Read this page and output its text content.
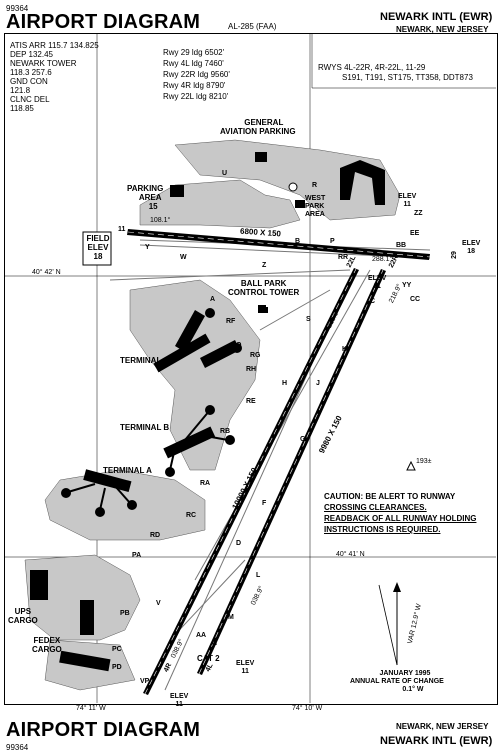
99364
AIRPORT DIAGRAM	AL-285 (FAA)
NEWARK INTL (EWR)
NEWARK, NEW JERSEY
ATIS ARR 115.7 134.825
DEP 132.45
NEWARK TOWER
118.3 257.6
GND CON
121.8
CLNC DEL
118.85
Rwy 29 ldg 6502'
Rwy 4L ldg 7460'
Rwy 22R ldg 9560'
Rwy 4R ldg 8790'
Rwy 22L ldg 8210'
RWYS 4L-22R, 4R-22L, 11-29
S191, T191, ST175, TT358, DDT873
GENERAL
AVIATION PARKING
PARKING
AREA
15
WEST
PARK
AREA
FIELD
ELEV
18
BALL PARK
CONTROL TOWER
TERMINAL C
TERMINAL B
TERMINAL A
UPS
CARGO
FEDEX
CARGO
CAT 2
193±
6800 X 150
11
29
108.1°
288.1°
10000 X 150
4R
22L
038.9°
218.9°
9980 X 150
4L
22R
038.9°
218.9°
ELEV
11
ELEV
18
ELEV
11
ELEV
11
ELEV
11
40° 42' N
40° 41' N
74° 11' W	74° 10' W
CAUTION: BE ALERT TO RUNWAY
CROSSING CLEARANCES.
READBACK OF ALL RUNWAY HOLDING
INSTRUCTIONS IS REQUIRED.
VAR 12.9° W
JANUARY 1995
ANNUAL RATE OF CHANGE
0.1° W
Y
W
Z
B	P
R
A
K
J
G
H
C
S
Q
RF
RA
RB
RC
RD
RE
RG
RH
U
V
D
F
L
M
N
PA
PB
PC
PD
AA
EE
YY
CC
RR
ZZ
BB
VP
AIRPORT DIAGRAM
99364
NEWARK, NEW JERSEY
NEWARK INTL (EWR)
